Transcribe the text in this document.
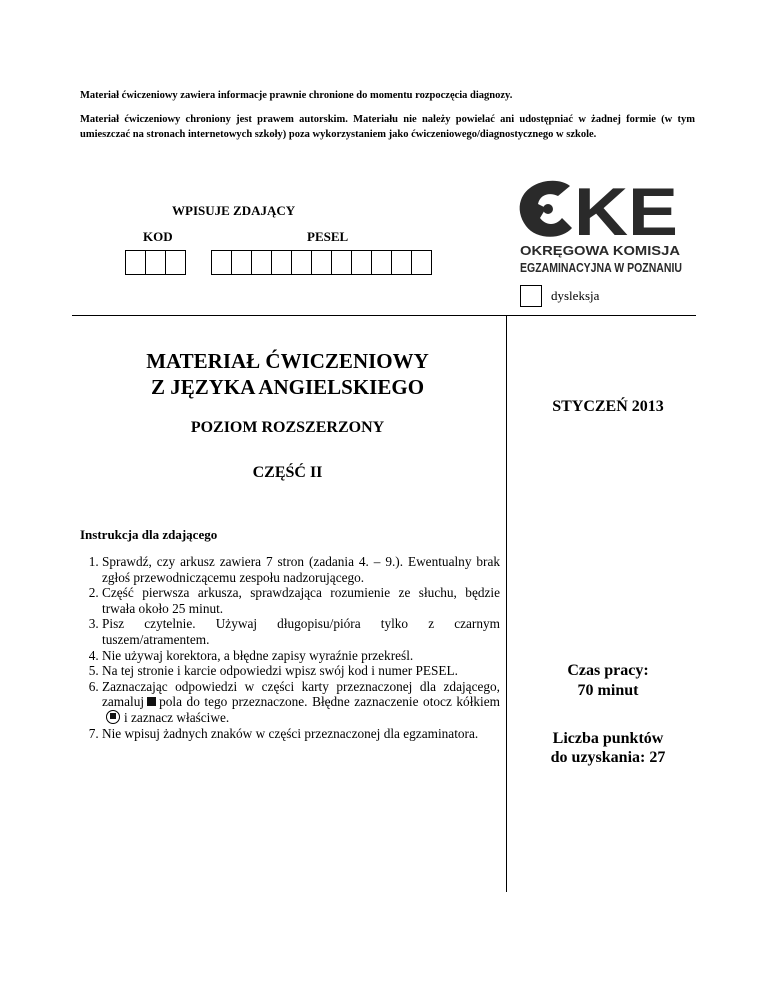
Materiał ćwiczeniowy zawiera informacje prawnie chronione do momentu rozpoczęcia diagnozy.
Materiał ćwiczeniowy chroniony jest prawem autorskim. Materiału nie należy powielać ani udostępniać w żadnej formie (w tym umieszczać na stronach internetowych szkoły) poza wykorzystaniem jako ćwiczeniowego/diagnostycznego w szkole.
WPISUJE ZDAJĄCY
KOD	PESEL	KE
OKRĘGOWA KOMISJA
EGZAMINACYJNA W POZNANIU
dysleksja
MATERIAŁ ĆWICZENIOWY
Z JĘZYKA ANGIELSKIEGO
STYCZEŃ 2013
POZIOM ROZSZERZONY
CZĘŚĆ II
Instrukcja dla zdającego
1. Sprawdź, czy arkusz zawiera 7 stron (zadania 4. – 9.). Ewentualny brak zgłoś przewodniczącemu zespołu nadzorującego.
2. Część pierwsza arkusza, sprawdzająca rozumienie ze słuchu, będzie trwała około 25 minut.
3. Pisz czytelnie. Używaj długopisu/pióra tylko z czarnym tuszem/atramentem.
4. Nie używaj korektora, a błędne zapisy wyraźnie przekreśl.
5. Na tej stronie i karcie odpowiedzi wpisz swój kod i numer PESEL.
6. Zaznaczając odpowiedzi w części karty przeznaczonej dla zdającego, zamaluj pola do tego przeznaczone. Błędne zaznaczenie otocz kółkiemi zaznacz właściwe.
7. Nie wpisuj żadnych znaków w części przeznaczonej dla egzaminatora.
Czas pracy:
70 minut
Liczba punktów
do uzyskania: 27
